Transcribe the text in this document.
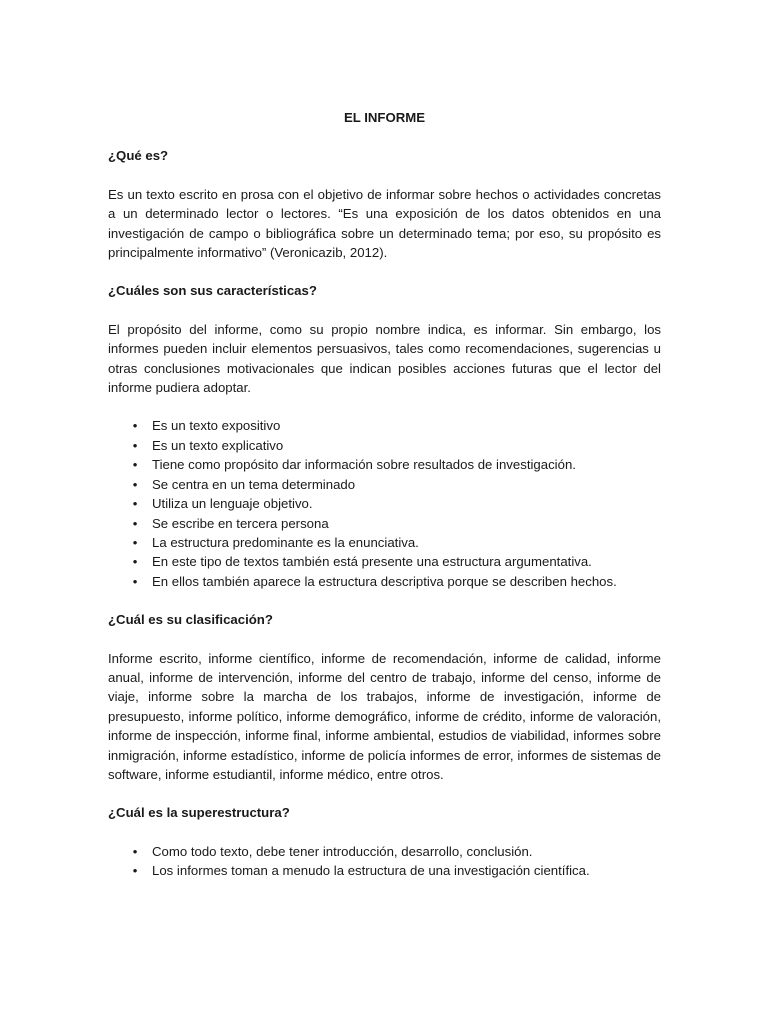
EL INFORME
¿Qué es?
Es un texto escrito en prosa con el objetivo de informar sobre hechos o actividades concretas a un determinado lector o lectores. “Es una exposición de los datos obtenidos en una investigación de campo o bibliográfica sobre un determinado tema; por eso, su propósito es principalmente informativo” (Veronicazib, 2012).
¿Cuáles son sus características?
El propósito del informe, como su propio nombre indica, es informar. Sin embargo, los informes pueden incluir elementos persuasivos, tales como recomendaciones, sugerencias u otras conclusiones motivacionales que indican posibles acciones futuras que el lector del informe pudiera adoptar.
• Es un texto expositivo
• Es un texto explicativo
• Tiene como propósito dar información sobre resultados de investigación.
• Se centra en un tema determinado
• Utiliza un lenguaje objetivo.
• Se escribe en tercera persona
• La estructura predominante es la enunciativa.
• En este tipo de textos también está presente una estructura argumentativa.
• En ellos también aparece la estructura descriptiva porque se describen hechos.
¿Cuál es su clasificación?
Informe escrito, informe científico, informe de recomendación, informe de calidad, informe anual, informe de intervención, informe del centro de trabajo, informe del censo, informe de viaje, informe sobre la marcha de los trabajos, informe de investigación, informe de presupuesto, informe político, informe demográfico, informe de crédito, informe de valoración, informe de inspección, informe final, informe ambiental, estudios de viabilidad, informes sobre inmigración, informe estadístico, informe de policía informes de error, informes de sistemas de software, informe estudiantil, informe médico, entre otros.
¿Cuál es la superestructura?
• Como todo texto, debe tener introducción, desarrollo, conclusión.
• Los informes toman a menudo la estructura de una investigación científica.
